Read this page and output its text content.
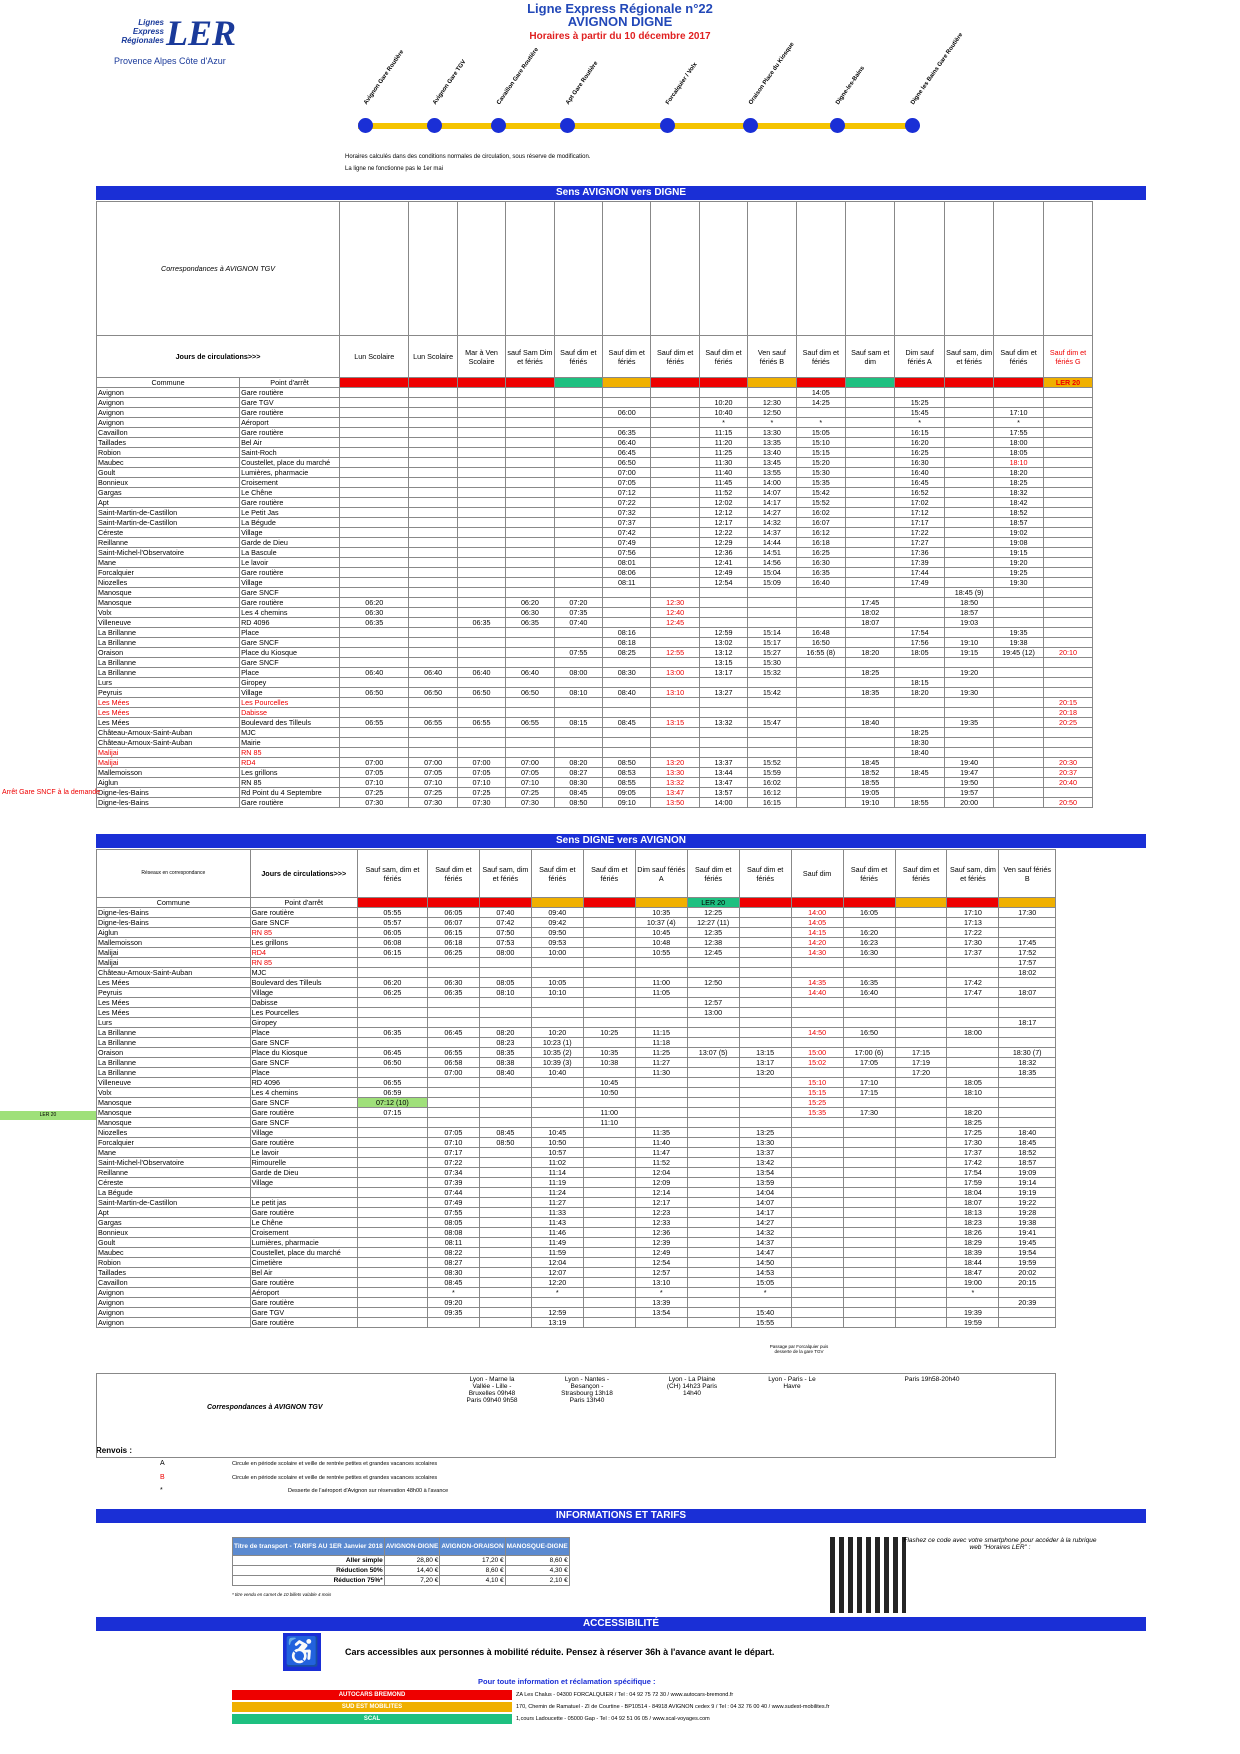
Lignes
Express
Régionales LER
Provence Alpes Côte d'Azur
Ligne Express Régionale n°22
AVIGNON DIGNE
Horaires à partir du 10 décembre 2017
Avignon Gare Routière	Avignon Gare TGV	Cavaillon Gare Routière	Apt Gare Routière	Forcalquier / Volx	Oraison Place du Kiosque	Digne-les-Bains	Digne les Bains Gare Routière
Horaires calculés dans des conditions normales de circulation, sous réserve de modification.
La ligne ne fonctionne pas le 1er mai
Sens AVIGNON vers DIGNE
Correspondances à AVIGNON TGV																
Jours de circulations>>>		Lun Scolaire	Lun Scolaire	Mar à Ven Scolaire	sauf Sam Dim et fériés	Sauf dim et fériés	Sauf dim et fériés	Sauf dim et fériés	Sauf dim et fériés	Ven sauf fériés B	Sauf dim et fériés	Sauf sam et dim	Dim sauf fériés A	Sauf sam, dim et fériés	Sauf dim et fériés	Sauf dim et fériés G
Commune	Point d'arrêt															LER 20
Avignon	Gare routière										14:05					
Avignon	Gare TGV								10:20	12:30	14:25		15:25			
Avignon	Gare routière						06:00		10:40	12:50			15:45		17:10	
Avignon	Aéroport								*	*	*		*		*	
Cavaillon	Gare routière						06:35		11:15	13:30	15:05		16:15		17:55	
Taillades	Bel Air						06:40		11:20	13:35	15:10		16:20		18:00	
Robion	Saint-Roch						06:45		11:25	13:40	15:15		16:25		18:05	
Maubec	Coustellet, place du marché						06:50		11:30	13:45	15:20		16:30		18:10	
Goult	Lumières, pharmacie						07:00		11:40	13:55	15:30		16:40		18:20	
Bonnieux	Croisement						07:05		11:45	14:00	15:35		16:45		18:25	
Gargas	Le Chêne						07:12		11:52	14:07	15:42		16:52		18:32	
Apt	Gare routière						07:22		12:02	14:17	15:52		17:02		18:42	
Saint-Martin-de-Castillon	Le Petit Jas						07:32		12:12	14:27	16:02		17:12		18:52	
Saint-Martin-de-Castillon	La Bégude						07:37		12:17	14:32	16:07		17:17		18:57	
Céreste	Village						07:42		12:22	14:37	16:12		17:22		19:02	
Reillanne	Garde de Dieu						07:49		12:29	14:44	16:18		17:27		19:08	
Saint-Michel-l'Observatoire	La Bascule						07:56		12:36	14:51	16:25		17:36		19:15	
Mane	Le lavoir						08:01		12:41	14:56	16:30		17:39		19:20	
Forcalquier	Gare routière						08:06		12:49	15:04	16:35		17:44		19:25	
Niozelles	Village						08:11		12:54	15:09	16:40		17:49		19:30	
Manosque	Gare SNCF													18:45 (9)		
Manosque	Gare routière	06:20			06:20	07:20		12:30				17:45		18:50		
Volx	Les 4 chemins	06:30			06:30	07:35		12:40				18:02		18:57		
Villeneuve	RD 4096	06:35		06:35	06:35	07:40		12:45				18:07		19:03		
La Brillanne	Place						08:16		12:59	15:14	16:48		17:54		19:35	
La Brillanne	Gare SNCF						08:18		13:02	15:17	16:50		17:56	19:10	19:38	
Oraison	Place du Kiosque					07:55	08:25	12:55	13:12	15:27	16:55 (8)	18:20	18:05	19:15	19:45 (12)	20:10
La Brillanne	Gare SNCF								13:15	15:30						
La Brillanne	Place	06:40	06:40	06:40	06:40	08:00	08:30	13:00	13:17	15:32		18:25		19:20		
Lurs	Giropey												18:15			
Peyruis	Village	06:50	06:50	06:50	06:50	08:10	08:40	13:10	13:27	15:42		18:35	18:20	19:30		
Les Mées	Les Pourcelles															20:15
Les Mées	Dabisse															20:18
Les Mées	Boulevard des Tilleuls	06:55	06:55	06:55	06:55	08:15	08:45	13:15	13:32	15:47		18:40		19:35		20:25
Château-Arnoux-Saint-Auban	MJC												18:25			
Château-Arnoux-Saint-Auban	Mairie												18:30			
Malijai	RN 85												18:40			
Malijai	RD4	07:00	07:00	07:00	07:00	08:20	08:50	13:20	13:37	15:52		18:45		19:40		20:30
Mallemoisson	Les grillons	07:05	07:05	07:05	07:05	08:27	08:53	13:30	13:44	15:59		18:52	18:45	19:47		20:37
Aiglun	RN 85	07:10	07:10	07:10	07:10	08:30	08:55	13:32	13:47	16:02		18:55		19:50		20:40
Digne-les-Bains	Rd Point du 4 Septembre	07:25	07:25	07:25	07:25	08:45	09:05	13:47	13:57	16:12		19:05		19:57		
Digne-les-Bains	Gare routière	07:30	07:30	07:30	07:30	08:50	09:10	13:50	14:00	16:15		19:10	18:55	20:00		20:50
Sens DIGNE vers AVIGNON
Réseaux en correspondance	Jours de circulations>>>	Sauf sam, dim et fériés	Sauf dim et fériés	Sauf sam, dim et fériés	Sauf dim et fériés	Sauf dim et fériés	Dim sauf fériés A	Sauf dim et fériés	Sauf dim et fériés	Sauf dim	Sauf dim et fériés	Sauf dim et fériés	Sauf sam, dim et fériés	Ven sauf fériés B
Commune	Point d'arrêt							LER 20						
Digne-les-Bains	Gare routière	05:55	06:05	07:40	09:40		10:35	12:25		14:00	16:05		17:10	17:30
Digne-les-Bains	Gare SNCF	05:57	06:07	07:42	09:42		10:37 (4)	12:27 (11)		14:05			17:13	
Aiglun	RN 85	06:05	06:15	07:50	09:50		10:45	12:35		14:15	16:20		17:22	
Mallemoisson	Les grillons	06:08	06:18	07:53	09:53		10:48	12:38		14:20	16:23		17:30	17:45
Malijai	RD4	06:15	06:25	08:00	10:00		10:55	12:45		14:30	16:30		17:37	17:52
Malijai	RN 85													17:57
Château-Arnoux-Saint-Auban	MJC													18:02
Les Mées	Boulevard des Tilleuls	06:20	06:30	08:05	10:05		11:00	12:50		14:35	16:35		17:42	
Peyruis	Village	06:25	06:35	08:10	10:10		11:05			14:40	16:40		17:47	18:07
Les Mées	Dabisse							12:57						
Les Mées	Les Pourcelles							13:00						
Lurs	Giropey													18:17
La Brillanne	Place	06:35	06:45	08:20	10:20	10:25	11:15			14:50	16:50		18:00	
La Brillanne	Gare SNCF			08:23	10:23 (1)		11:18							
Oraison	Place du Kiosque	06:45	06:55	08:35	10:35 (2)	10:35	11:25	13:07 (5)	13:15	15:00	17:00 (6)	17:15		18:30 (7)
La Brillanne	Gare SNCF	06:50	06:58	08:38	10:39 (3)	10:38	11:27		13:17	15:02	17:05	17:19		18:32
La Brillanne	Place		07:00	08:40	10:40		11:30		13:20			17:20		18:35
Villeneuve	RD 4096	06:55				10:45				15:10	17:10		18:05	
Volx	Les 4 chemins	06:59				10:50				15:15	17:15		18:10	
Manosque	Gare SNCF	07:12 (10)								15:25				
Manosque	Gare routière	07:15				11:00				15:35	17:30		18:20	
Manosque	Gare SNCF					11:10							18:25	
Niozelles	Village		07:05	08:45	10:45		11:35		13:25				17:25	18:40
Forcalquier	Gare routière		07:10	08:50	10:50		11:40		13:30				17:30	18:45
Mane	Le lavoir		07:17		10:57		11:47		13:37				17:37	18:52
Saint-Michel-l'Observatoire	Rimourelle		07:22		11:02		11:52		13:42				17:42	18:57
Reillanne	Garde de Dieu		07:34		11:14		12:04		13:54				17:54	19:09
Céreste	Village		07:39		11:19		12:09		13:59				17:59	19:14
La Bégude			07:44		11:24		12:14		14:04				18:04	19:19
Saint-Martin-de-Castillon	Le petit jas		07:49		11:27		12:17		14:07				18:07	19:22
Apt	Gare routière		07:55		11:33		12:23		14:17				18:13	19:28
Gargas	Le Chêne		08:05		11:43		12:33		14:27				18:23	19:38
Bonnieux	Croisement		08:08		11:46		12:36		14:32				18:26	19:41
Goult	Lumières, pharmacie		08:11		11:49		12:39		14:37				18:29	19:45
Maubec	Coustellet, place du marché		08:22		11:59		12:49		14:47				18:39	19:54
Robion	Cimetière		08:27		12:04		12:54		14:50				18:44	19:59
Taillades	Bel Air		08:30		12:07		12:57		14:53				18:47	20:02
Cavaillon	Gare routière		08:45		12:20		13:10		15:05				19:00	20:15
Avignon	Aéroport		*		*		*		*				*	
Avignon	Gare routière		09:20				13:39							20:39
Avignon	Gare TGV		09:35		12:59		13:54		15:40				19:39	
Avignon	Gare routière				13:19				15:55				19:59	
Renvois :
A	Circule en période scolaire et veille de rentrée petites et grandes vacances scolaires
B	Circule en période scolaire et veille de rentrée petites et grandes vacances scolaires
*	Desserte de l'aéroport d'Avignon sur réservation 48h00 à l'avance
INFORMATIONS ET TARIFS
Titre de transport - TARIFS AU 1ER Janvier 2018	AVIGNON-DIGNE	AVIGNON-ORAISON	MANOSQUE-DIGNE
Aller simple	28,80 €	17,20 €	8,60 €
Réduction 50%	14,40 €	8,60 €	4,30 €
Réduction 75%*	7,20 €	4,10 €	2,10 €
* titre vendu en carnet de 10 billets valable 4 mois
Flashez ce code avec votre smartphone pour accéder à la rubrique web "Horaires LER" :
ACCESSIBILITÉ
♿	Cars accessibles aux personnes à mobilité réduite. Pensez à réserver 36h à l'avance avant le départ.
Pour toute information et réclamation spécifique :
AUTOCARS BREMOND	ZA Les Chalus - 04300 FORCALQUIER / Tel : 04 92 75 72 30 / www.autocars-bremond.fr
SUD EST MOBILITES	170, Chemin de Ramatuel - ZI de Courtine - BP10514 - 84918 AVIGNON cedex 9 / Tel : 04 32 76 00 40 / www.sudest-mobilites.fr
SCAL	1,cours Ladoucette - 05000 Gap - Tel : 04 92 51 06 05 / www.scal-voyages.com
Arrêt Gare SNCF à la demande
LER 20
Correspondances à AVIGNON TGV
Lyon - Marne la Vallée - Lille - Bruxelles 09h48 Paris 09h40 9h58
Lyon - Nantes - Besançon - Strasbourg 13h18 Paris 13h40
Lyon - La Plaine (CH) 14h23 Paris 14h40
Lyon - Paris - Le Havre
Paris 19h58-20h40
Passage par Forcalquier puis desserte de la gare TGV
